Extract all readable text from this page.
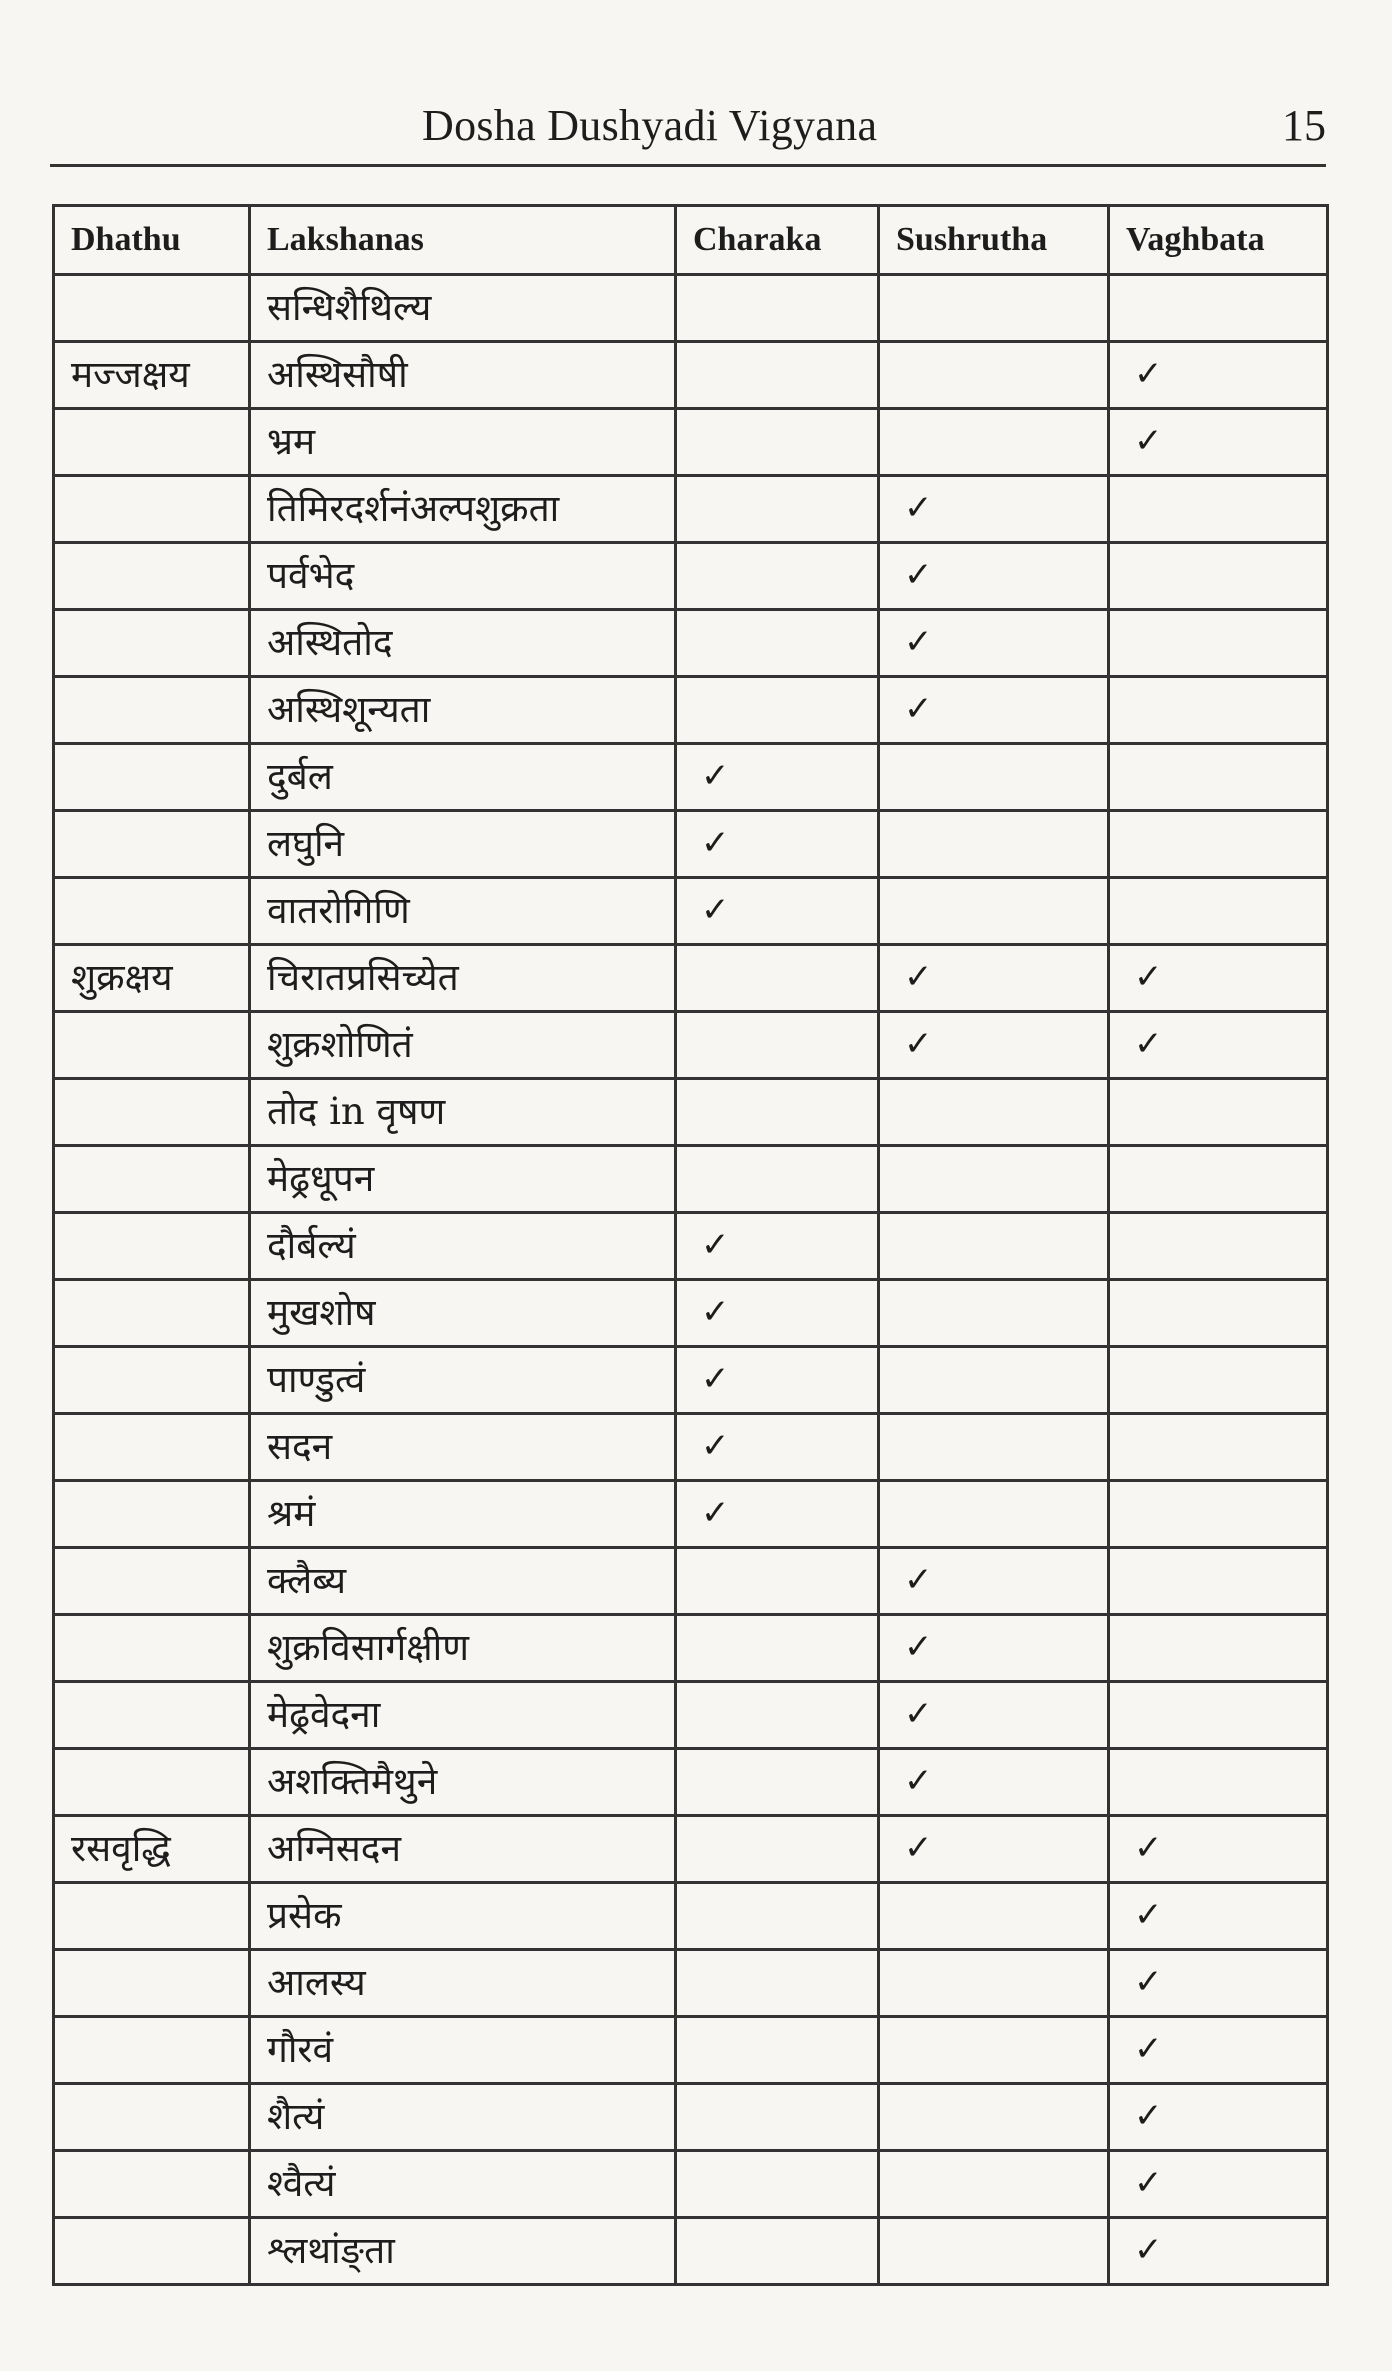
Dosha Dushyadi Vigyana	15
Dhathu	Lakshanas	Charaka	Sushrutha	Vaghbata
	सन्धिशैथिल्य			
मज्जक्षय	अस्थिसौषी			✓
	भ्रम			✓
	तिमिरदर्शनंअल्पशुक्रता		✓	
	पर्वभेद		✓	
	अस्थितोद		✓	
	अस्थिशून्यता		✓	
	दुर्बल	✓		
	लघुनि	✓		
	वातरोगिणि	✓		
शुक्रक्षय	चिरातप्रसिच्येत		✓	✓
	शुक्रशोणितं		✓	✓
	तोद in वृषण			
	मेढ्रधूपन			
	दौर्बल्यं	✓		
	मुखशोष	✓		
	पाण्डुत्वं	✓		
	सदन	✓		
	श्रमं	✓		
	क्लैब्य		✓	
	शुक्रविसार्गक्षीण		✓	
	मेढ्रवेदना		✓	
	अशक्तिमैथुने		✓	
रसवृद्धि	अग्निसदन		✓	✓
	प्रसेक			✓
	आलस्य			✓
	गौरवं			✓
	शैत्यं			✓
	श्वैत्यं			✓
	श्लथांङ्ता			✓
